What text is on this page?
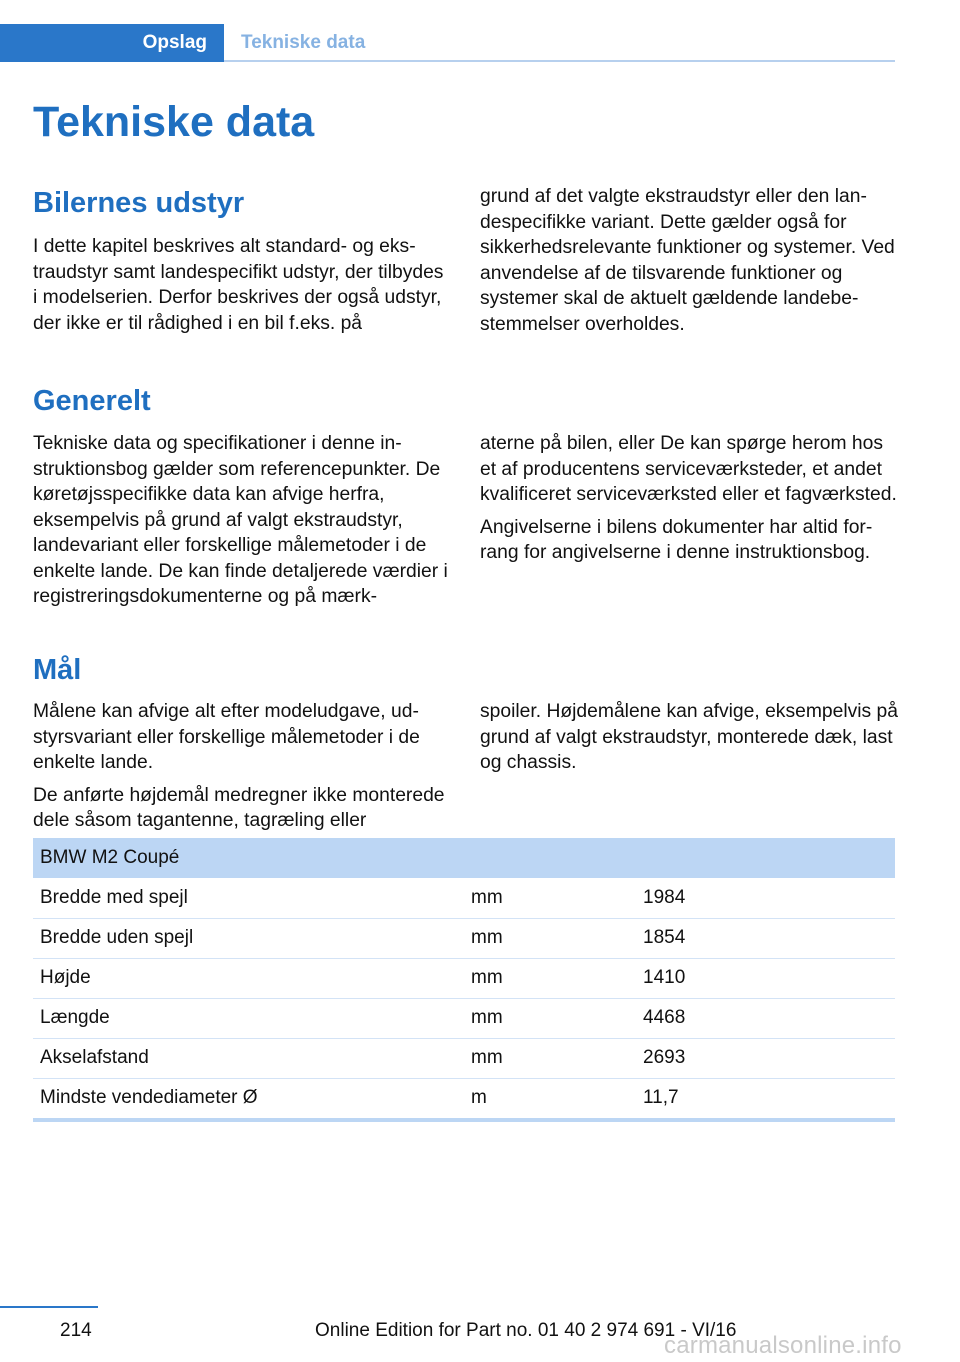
Opslag	Tekniske data
Tekniske data
Bilernes udstyr

I dette kapitel beskrives alt standard- og ekstraudstyr samt landespecifikt udstyr, der tilbydes i modelserien. Derfor beskrives der også udstyr, der ikke er til rådighed i en bil f.eks. på

grund af det valgte ekstraudstyr eller den landespecifikke variant. Dette gælder også for sikkerhedsrelevante funktioner og systemer. Ved anvendelse af de tilsvarende funktioner og systemer skal de aktuelt gældende landebestemmelser overholdes.

Generelt

Tekniske data og specifikationer i denne instruktionsbog gælder som referencepunkter. De køretøjsspecifikke data kan afvige herfra, eksempelvis på grund af valgt ekstraudstyr, landevariant eller forskellige målemetoder i de enkelte lande. De kan finde detaljerede værdier i registreringsdokumenterne og på mærk-

aterne på bilen, eller De kan spørge herom hos et af producentens serviceværksteder, et andet kvalificeret serviceværksted eller et fagværksted.

Angivelserne i bilens dokumenter har altid forrang for angivelserne i denne instruktionsbog.

Mål

Målene kan afvige alt efter modeludgave, udstyrsvariant eller forskellige målemetoder i de enkelte lande.

De anførte højdemål medregner ikke monterede dele såsom tagantenne, tagræling eller

spoiler. Højdemålene kan afvige, eksempelvis på grund af valgt ekstraudstyr, monterede dæk, last og chassis.

BMW M2 Coupé		
Bredde med spejl	mm	1984
Bredde uden spejl	mm	1854
Højde	mm	1410
Længde	mm	4468
Akselafstand	mm	2693
Mindste vendediameter Ø	m	11,7
214	Online Edition for Part no. 01 40 2 974 691 - VI/16
carmanualsonline.info
